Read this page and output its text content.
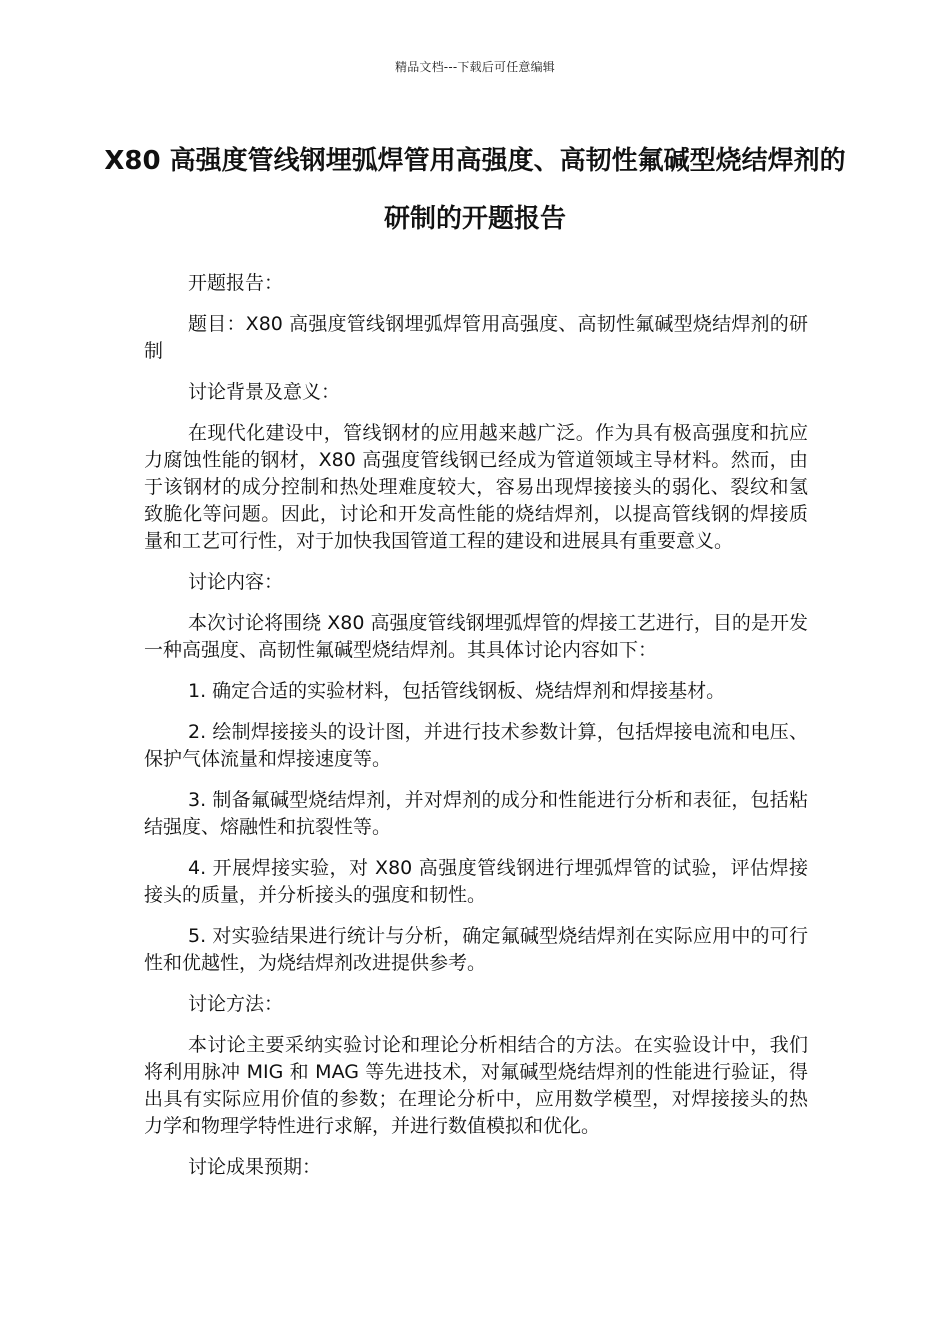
精品文档---下载后可任意编辑
X80 高强度管线钢埋弧焊管用高强度、高韧性氟碱型烧结焊剂的研制的开题报告

开题报告：

题目：X80 高强度管线钢埋弧焊管用高强度、高韧性氟碱型烧结焊剂的研制

讨论背景及意义：

在现代化建设中，管线钢材的应用越来越广泛。作为具有极高强度和抗应力腐蚀性能的钢材，X80 高强度管线钢已经成为管道领域主导材料。然而，由于该钢材的成分控制和热处理难度较大，容易出现焊接接头的弱化、裂纹和氢致脆化等问题。因此，讨论和开发高性能的烧结焊剂，以提高管线钢的焊接质量和工艺可行性，对于加快我国管道工程的建设和进展具有重要意义。

讨论内容：

本次讨论将围绕 X80 高强度管线钢埋弧焊管的焊接工艺进行，目的是开发一种高强度、高韧性氟碱型烧结焊剂。其具体讨论内容如下：

1. 确定合适的实验材料，包括管线钢板、烧结焊剂和焊接基材。

2. 绘制焊接接头的设计图，并进行技术参数计算，包括焊接电流和电压、保护气体流量和焊接速度等。

3. 制备氟碱型烧结焊剂，并对焊剂的成分和性能进行分析和表征，包括粘结强度、熔融性和抗裂性等。

4. 开展焊接实验，对 X80 高强度管线钢进行埋弧焊管的试验，评估焊接接头的质量，并分析接头的强度和韧性。

5. 对实验结果进行统计与分析，确定氟碱型烧结焊剂在实际应用中的可行性和优越性，为烧结焊剂改进提供参考。

讨论方法：

本讨论主要采纳实验讨论和理论分析相结合的方法。在实验设计中，我们将利用脉冲 MIG 和 MAG 等先进技术，对氟碱型烧结焊剂的性能进行验证，得出具有实际应用价值的参数；在理论分析中，应用数学模型，对焊接接头的热力学和物理学特性进行求解，并进行数值模拟和优化。

讨论成果预期：
